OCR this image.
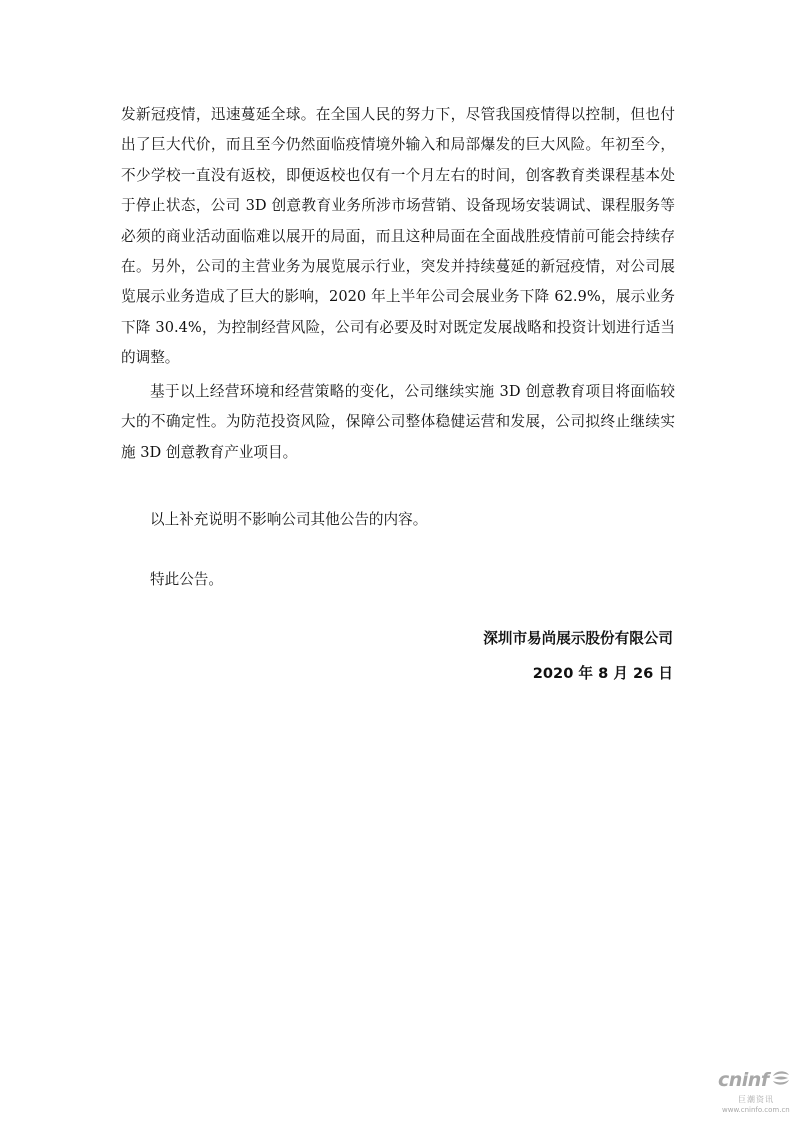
发新冠疫情，迅速蔓延全球。在全国人民的努力下，尽管我国疫情得以控制，但也付出了巨大代价，而且至今仍然面临疫情境外输入和局部爆发的巨大风险。年初至今，不少学校一直没有返校，即便返校也仅有一个月左右的时间，创客教育类课程基本处于停止状态，公司 3D 创意教育业务所涉市场营销、设备现场安装调试、课程服务等必须的商业活动面临难以展开的局面，而且这种局面在全面战胜疫情前可能会持续存在。另外，公司的主营业务为展览展示行业，突发并持续蔓延的新冠疫情，对公司展览展示业务造成了巨大的影响，2020 年上半年公司会展业务下降 62.9%，展示业务下降 30.4%，为控制经营风险，公司有必要及时对既定发展战略和投资计划进行适当的调整。

基于以上经营环境和经营策略的变化，公司继续实施 3D 创意教育项目将面临较大的不确定性。为防范投资风险，保障公司整体稳健运营和发展，公司拟终止继续实施 3D 创意教育产业项目。

以上补充说明不影响公司其他公告的内容。

特此公告。

深圳市易尚展示股份有限公司

2020 年 8 月 26 日

cninf
巨潮资讯
www.cninfo.com.cn
